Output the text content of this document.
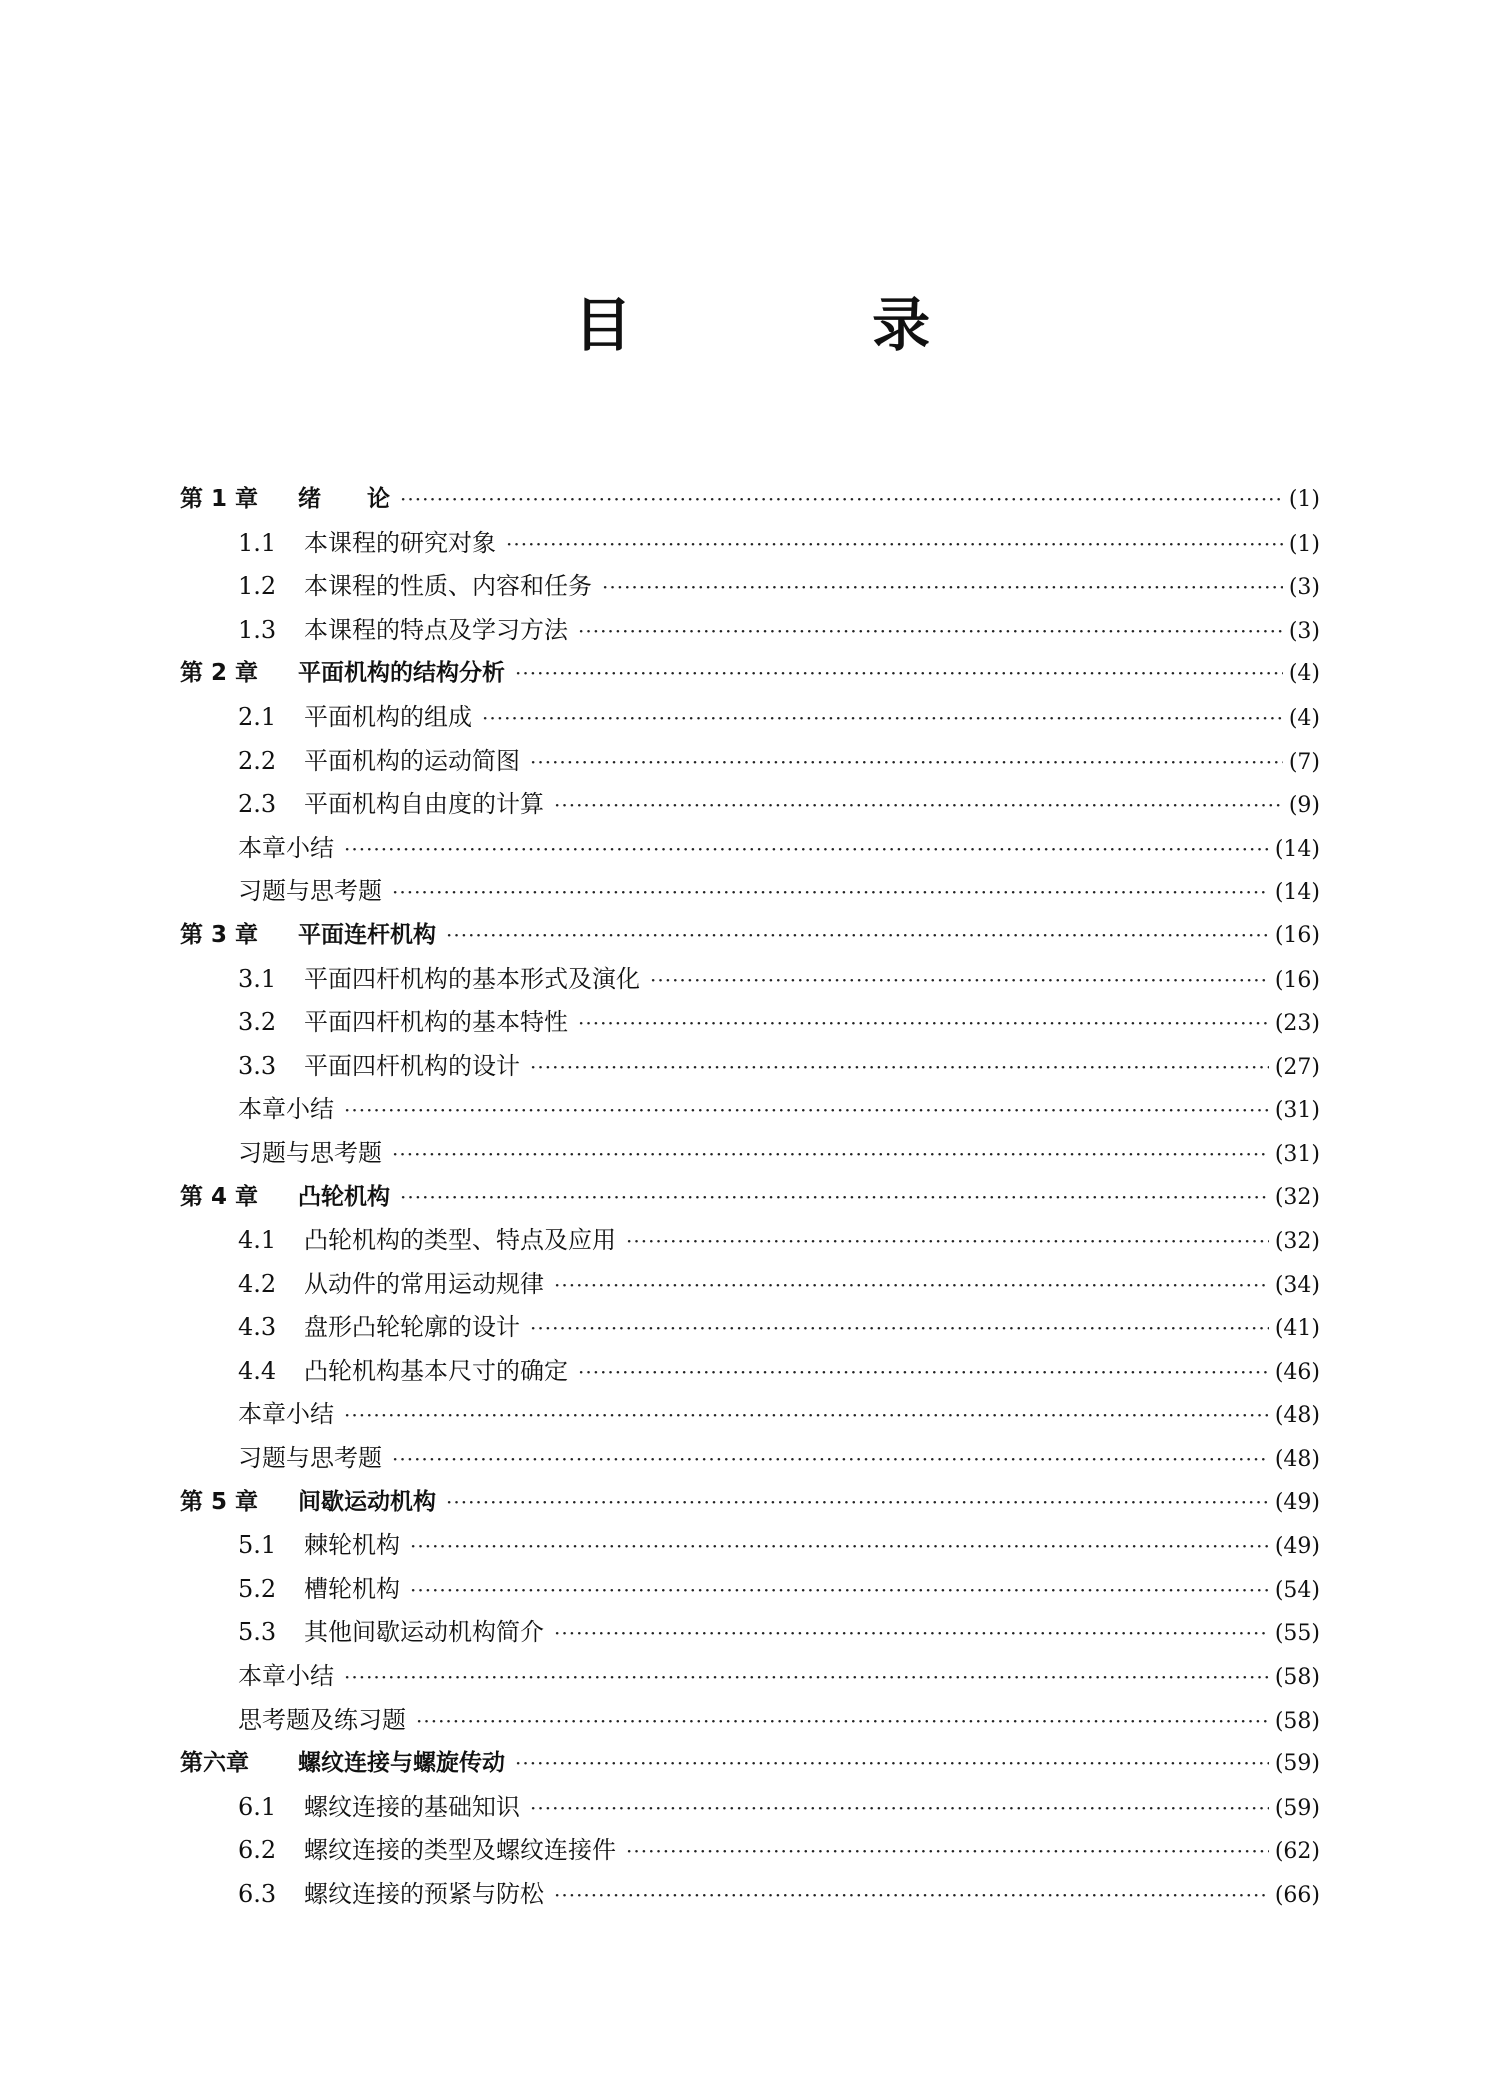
目 录
第 1 章	绪　　论 ·····	(1)
1.1	本课程的研究对象 ·····	(1)
1.2	本课程的性质、内容和任务 ·····	(3)
1.3	本课程的特点及学习方法 ·····	(3)
第 2 章	平面机构的结构分析 ·····	(4)
2.1	平面机构的组成 ·····	(4)
2.2	平面机构的运动简图 ·····	(7)
2.3	平面机构自由度的计算 ·····	(9)
本章小结 ·····	(14)
习题与思考题 ·····	(14)
第 3 章	平面连杆机构 ·····	(16)
3.1	平面四杆机构的基本形式及演化 ·····	(16)
3.2	平面四杆机构的基本特性 ·····	(23)
3.3	平面四杆机构的设计 ·····	(27)
本章小结 ·····	(31)
习题与思考题 ·····	(31)
第 4 章	凸轮机构 ·····	(32)
4.1	凸轮机构的类型、特点及应用 ·····	(32)
4.2	从动件的常用运动规律 ·····	(34)
4.3	盘形凸轮轮廓的设计 ·····	(41)
4.4	凸轮机构基本尺寸的确定 ·····	(46)
本章小结 ·····	(48)
习题与思考题 ·····	(48)
第 5 章	间歇运动机构 ·····	(49)
5.1	棘轮机构 ·····	(49)
5.2	槽轮机构 ·····	(54)
5.3	其他间歇运动机构简介 ·····	(55)
本章小结 ·····	(58)
思考题及练习题 ·····	(58)
第六章	螺纹连接与螺旋传动 ·····	(59)
6.1	螺纹连接的基础知识 ·····	(59)
6.2	螺纹连接的类型及螺纹连接件 ·····	(62)
6.3	螺纹连接的预紧与防松 ·····	(66)
